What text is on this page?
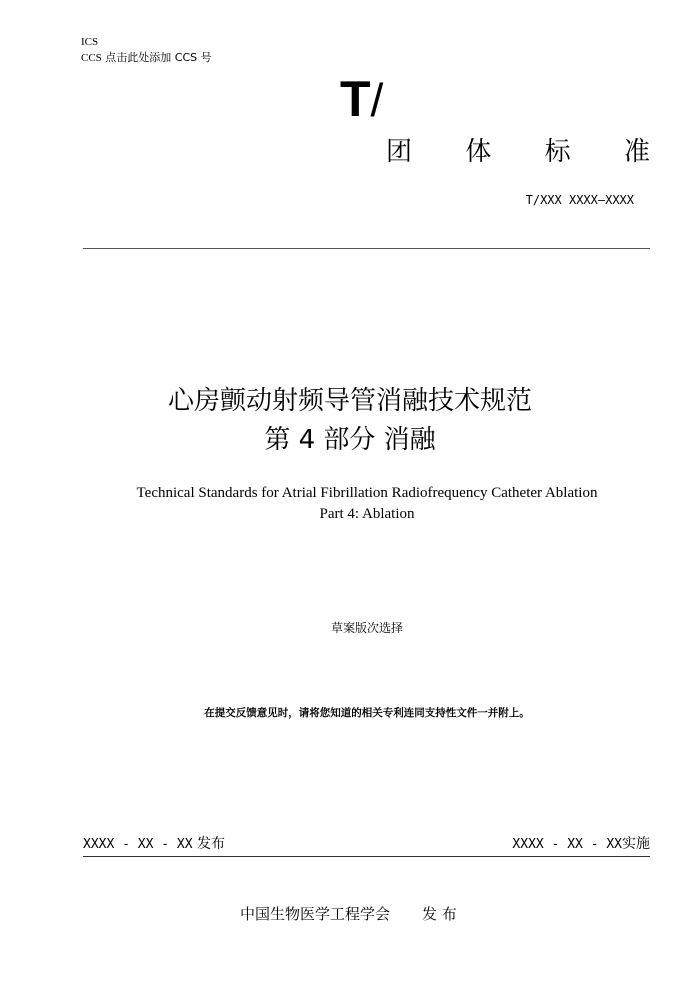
ICS
CCS 点击此处添加 CCS 号
T/
团 体 标 准
T/XXX XXXX—XXXX
心房颤动射频导管消融技术规范
第 4 部分 消融
Technical Standards for Atrial Fibrillation Radiofrequency Catheter Ablation
Part 4: Ablation
草案版次选择
在提交反馈意见时，请将您知道的相关专利连同支持性文件一并附上。
XXXX - XX - XX 发布	XXXX - XX - XX实施
中国生物医学工程学会 发 布
